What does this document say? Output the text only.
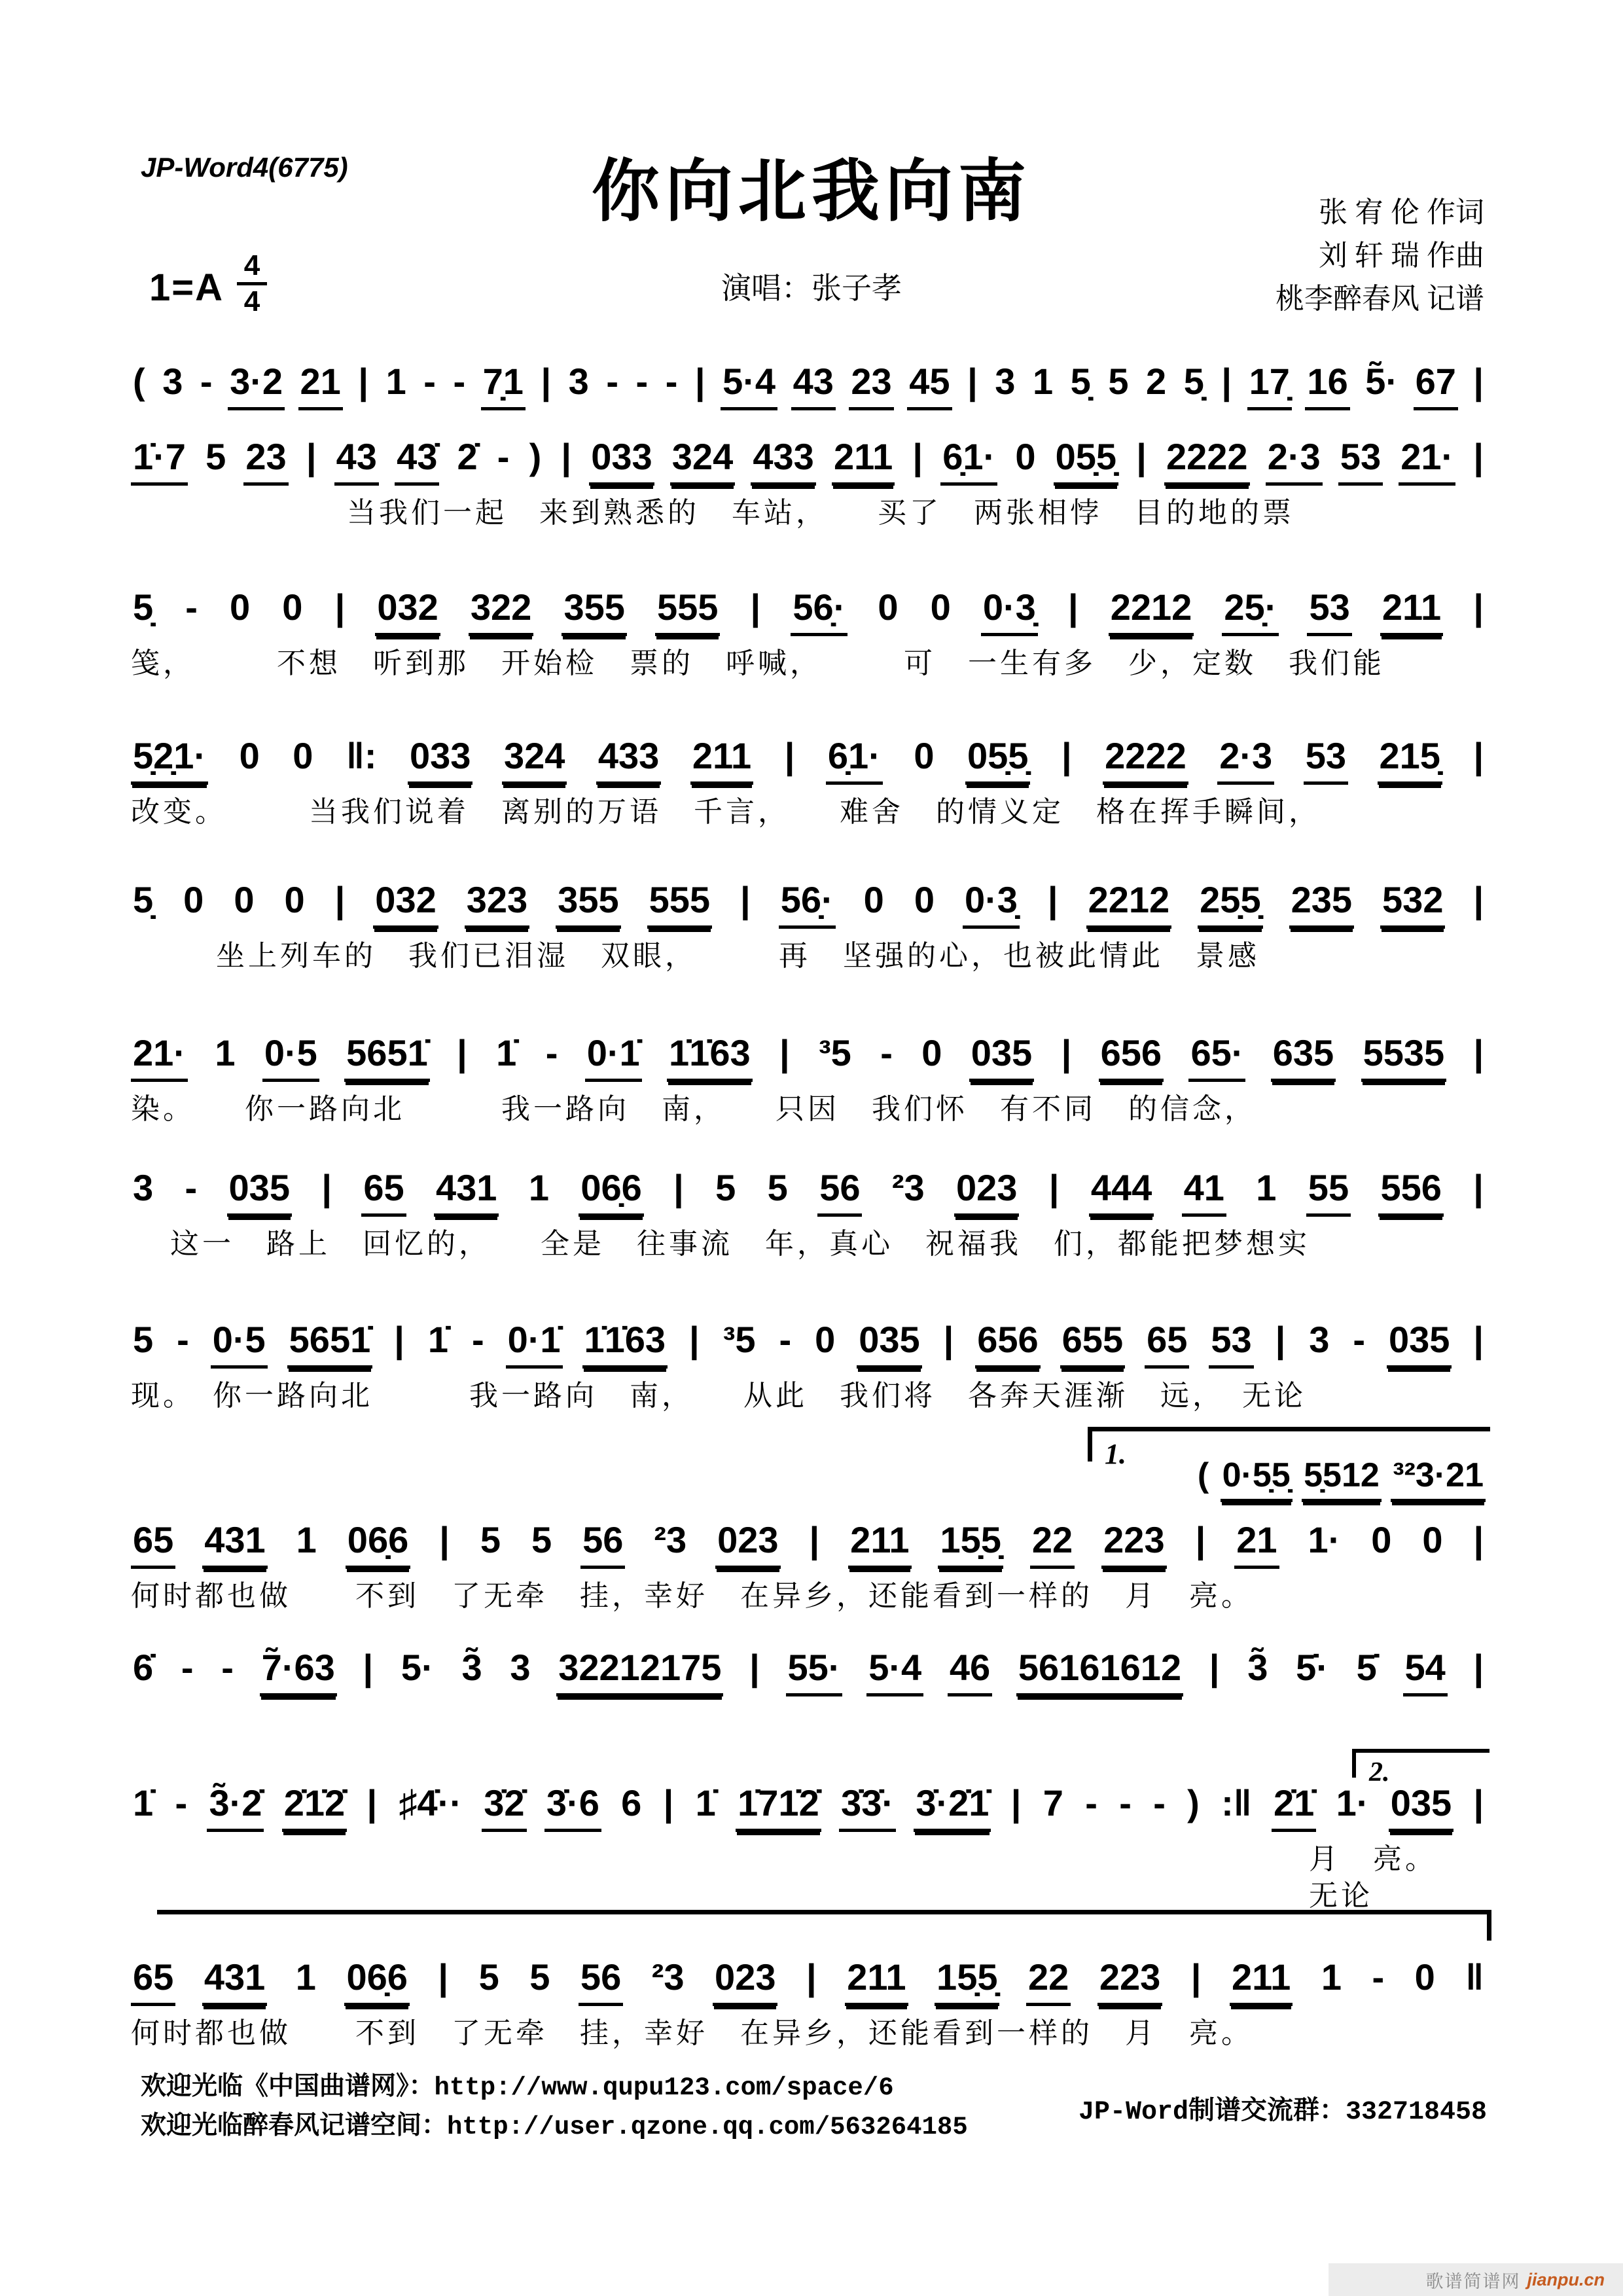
JP-Word4(6775)	你向北我向南	张 宥 伦 作词
刘 轩 瑞 作曲
桃李醉春风 记谱
1=A
4
4	演唱：张子孝
( 3 - 3·2 21 | 1 - - 7̣1 | 3 - - - | 5·4 43 23 45 | 3 1 5̣ 5 2 5̣ | 17̣ 16 5̃· 67 |
1̇·7 5 23 | 43 43̇ 2̇ - ) | 033 324 433 211 | 6̣1· 0 05̣5̣ | 2222 2·3 53 21· |
当我们一起　来到熟悉的　车站，　　买了　两张相悖　目的地的票
5̣ - 0 0 | 032 322 355 555 | 56̣· 0 0 0·3̣ | 2212 25̣· 53 211 |
笺，　　　不想　听到那　开始检　票的　呼喊，　　　可　一生有多　少，定数　我们能
5̣2̣1· 0 0 ‖: 033 324 433 211 | 6̣1· 0 05̣5̣ | 2222 2·3 53 215̣ |
改变。　　　当我们说着　离别的万语　千言，　　难舍　的情义定　格在挥手瞬间，
5̣ 0 0 0 | 032 323 355 555 | 56̣· 0 0 0·3̣ | 2212 25̣5̣ 235 532 |
坐上列车的　我们已泪湿　双眼，　　　再　坚强的心，也被此情此　景感
21· 1 0·5 5651̇ | 1̇ - 0·1̇ 1̇1̇63 | ³5 - 0 035 | 656 65· 635 5535 |
染。　　你一路向北　　　我一路向　南，　　只因　我们怀　有不同　的信念，
3 - 035 | 65 431 1 06̣6 | 5 5 56 ²3 023 | 444 41 1 55 556 |
这一　路上　回忆的，　　全是　往事流　年，真心　祝福我　们，都能把梦想实
5 - 0·5 5651̇ | 1̇ - 0·1̇ 1̇1̇63 | ³5 - 0 035 | 656 655 65 53 | 3 - 035 |
现。　你一路向北　　　我一路向　南，　　从此　我们将　各奔天涯渐　远，　无论
65 431 1 06̣6 | 5 5 56 ²3 023 | 211 15̣5̣ 22 223 | 21 1· 0 0 |
何时都也做　　不到　了无牵　挂，幸好　在异乡，还能看到一样的　月　亮。
6̇ - - 7̃·63 | 5· 3̃ 3 32212175 | 55· 5·4 46 56161612 | 3̃ 5̇· 5̇ 54 |
1̇ - 3̃·2̇ 2̇1̇2̇ | ♯4̇·· 3̇2̇ 3̇·6 6 | 1̇ 1̇71̇2̇ 3̇3̇· 3̇·2̇1̇ | 7 - - - ) :‖ 2̇1̇ 1· 035 |
月　亮。　无论
65 431 1 06̣6 | 5 5 56 ²3 023 | 211 15̣5̣ 22 223 | 211 1 - 0 ‖
何时都也做　　不到　了无牵　挂，幸好　在异乡，还能看到一样的　月　亮。
1.
( 0·5̣5̣ 5̣512 ³²3·21
2.
欢迎光临《中国曲谱网》：http://www.qupu123.com/space/6
欢迎光临醉春风记谱空间：http://user.qzone.qq.com/563264185	JP-Word制谱交流群：332718458
歌谱简谱网 jianpu.cn
